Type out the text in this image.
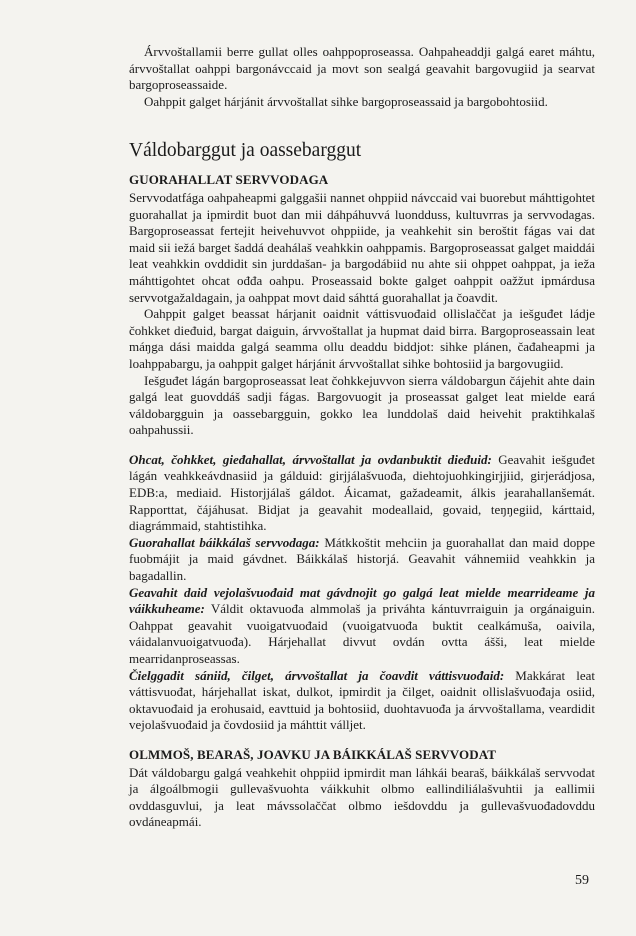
Árvvoštallamii berre gullat olles oahppoproseassa. Oahpaheaddji galgá earet máhtu, árvvoštallat oahppi bargonávccaid ja movt son sealgá geavahit bargovugiid ja searvat bargoproseassaide.

Oahppit galget hárjánit árvvoštallat sihke bargoproseassaid ja bargobohtosiid.

Váldobarggut ja oassebarggut
GUORAHALLAT SERVVODAGA

Servvodatfága oahpaheapmi galggašii nannet ohppiid návccaid vai buorebut máhttigohtet guorahallat ja ipmirdit buot dan mii dáhpáhuvvá luondduss, kultuvrras ja servvodagas. Bargoproseassat fertejit heivehuvvot ohppiide, ja veahkehit sin beroštit fágas vai dat maid sii iežá barget šaddá deahálaš veahkkin oahppamis. Bargoproseassat galget maiddái leat veahkkin ovddidit sin jurddašan- ja bargodábiid nu ahte sii ohppet oahppat, ja ieža máhttigohtet ohcat ođđa oahpu. Proseassaid bokte galget oahppit oažžut ipmárdusa servvotgažaldagain, ja oahppat movt daid sáhttá guorahallat ja čoavdit.

Oahppit galget beassat hárjanit oaidnit váttisvuođaid ollislaččat ja iešguđet ládje čohkket dieđuid, bargat daiguin, árvvoštallat ja hupmat daid birra. Bargoproseassain leat máŋga dási maidda galgá seamma ollu deaddu biddjot: sihke plánen, čađaheapmi ja loahppabargu, ja oahppit galget hárjánit árvvoštallat sihke bohtosiid ja bargovugiid.

Iešguđet lágán bargoproseassat leat čohkkejuvvon sierra váldobargun čájehit ahte dain galgá leat guovddáš sadji fágas. Bargovuogit ja proseassat galget leat mielde eará váldobargguin ja oassebargguin, gokko lea lunddolaš daid heivehit praktihkalaš oahpahussii.

Ohcat, čohkket, gieđahallat, árvvoštallat ja ovdanbuktit dieđuid: Geavahit iešguđet lágán veahkkeávdnasiid ja gálduid: girjjálašvuođa, diehtojuohkingirjjiid, girjerádjosa, EDB:a, mediaid. Historjjálaš gáldot. Áicamat, gažadeamit, álkis jearahallanšemát. Rapporttat, čájáhusat. Bidjat ja geavahit modeallaid, govaid, teŋŋegiid, kárttaid, diagrámmaid, stahtistihka.

Guorahallat báikkálaš servvodaga: Mátkkoštit mehciin ja guorahallat dan maid doppe fuobmájit ja maid gávdnet. Báikkálaš historjá. Geavahit váhnemiid veahkkin ja bagadallin.

Geavahit daid vejolašvuođaid mat gávdnojit go galgá leat mielde mearrideame ja váikkuheame: Váldit oktavuođa almmolaš ja priváhta kántuvrraiguin ja orgánaiguin. Oahppat geavahit vuoigatvuođaid (vuoigatvuođa buktit cealkámuša, oaivila, váidalanvuoigatvuođa). Hárjehallat divvut ovdán ovtta ášši, leat mielde mearridanproseassas.

Čielggadit sániid, čilget, árvvoštallat ja čoavdit váttisvuođaid: Makkárat leat váttisvuođat, hárjehallat iskat, dulkot, ipmirdit ja čilget, oaidnit ollislašvuođaja osiid, oktavuođaid ja erohusaid, eavttuid ja bohtosiid, duohtavuođa ja árvvoštallama, veardidit vejolašvuođaid ja čovdosiid ja máhttit válljet.

OLMMOŠ, BEARAŠ, JOAVKU JA BÁIKKÁLAŠ SERVVODAT

Dát váldobargu galgá veahkehit ohppiid ipmirdit man láhkái bearaš, báikkálaš servvodat ja álgoálbmogii gullevašvuohta váikkuhit olbmo eallindiliálašvuhtii ja eallimii ovddasguvlui, ja leat mávssolaččat olbmo iešdovddu ja gullevašvuođadovddu ovdáneapmái.

59
